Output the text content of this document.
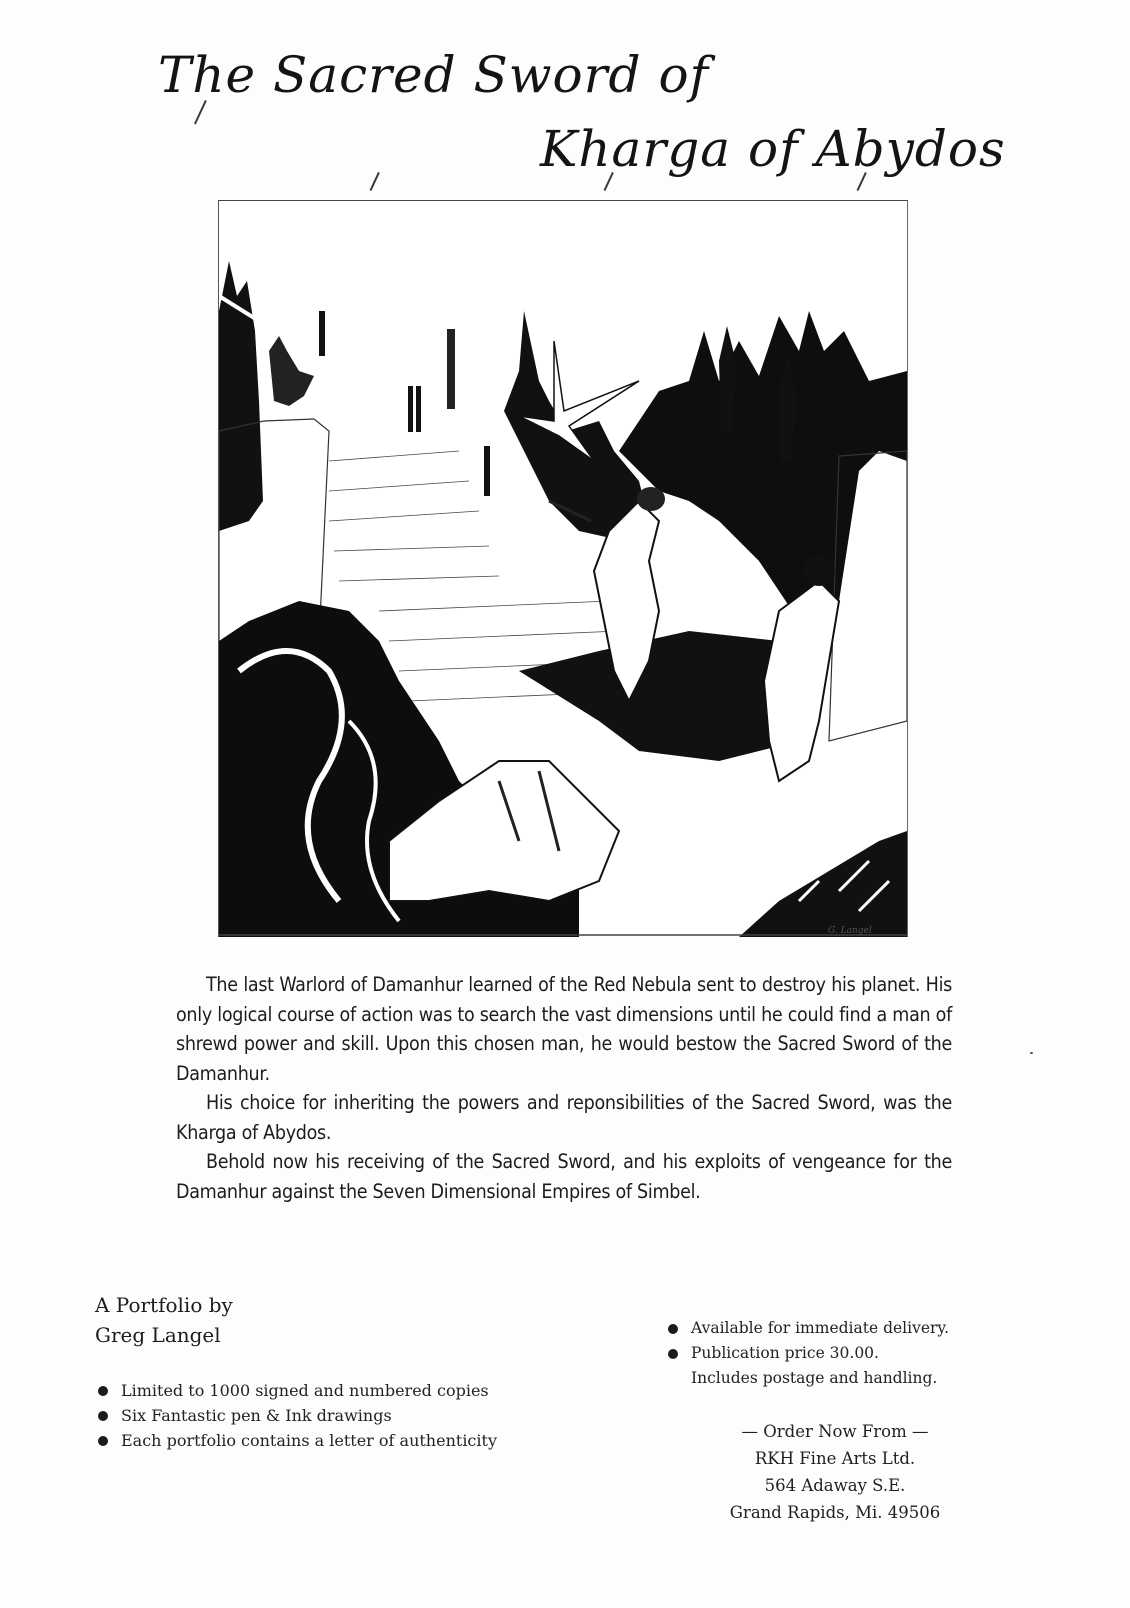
The Sacred Sword of
Kharga of Abydos
G. Langel

The last Warlord of Damanhur learned of the Red Nebula sent to destroy his planet. His only logical course of action was to search the vast dimensions until he could find a man of shrewd power and skill. Upon this chosen man, he would bestow the Sacred Sword of the Damanhur.

His choice for inheriting the powers and reponsibilities of the Sacred Sword, was the Kharga of Abydos.

Behold now his receiving of the Sacred Sword, and his exploits of vengeance for the Damanhur against the Seven Dimensional Empires of Simbel.

A Portfolio by
Greg Langel
Limited to 1000 signed and numbered copies
Six Fantastic pen & Ink drawings
Each portfolio contains a letter of authenticity
Available for immediate delivery.
Publication price 30.00.
Includes postage and handling.
— Order Now From —
RKH Fine Arts Ltd.
564 Adaway S.E.
Grand Rapids, Mi. 49506
